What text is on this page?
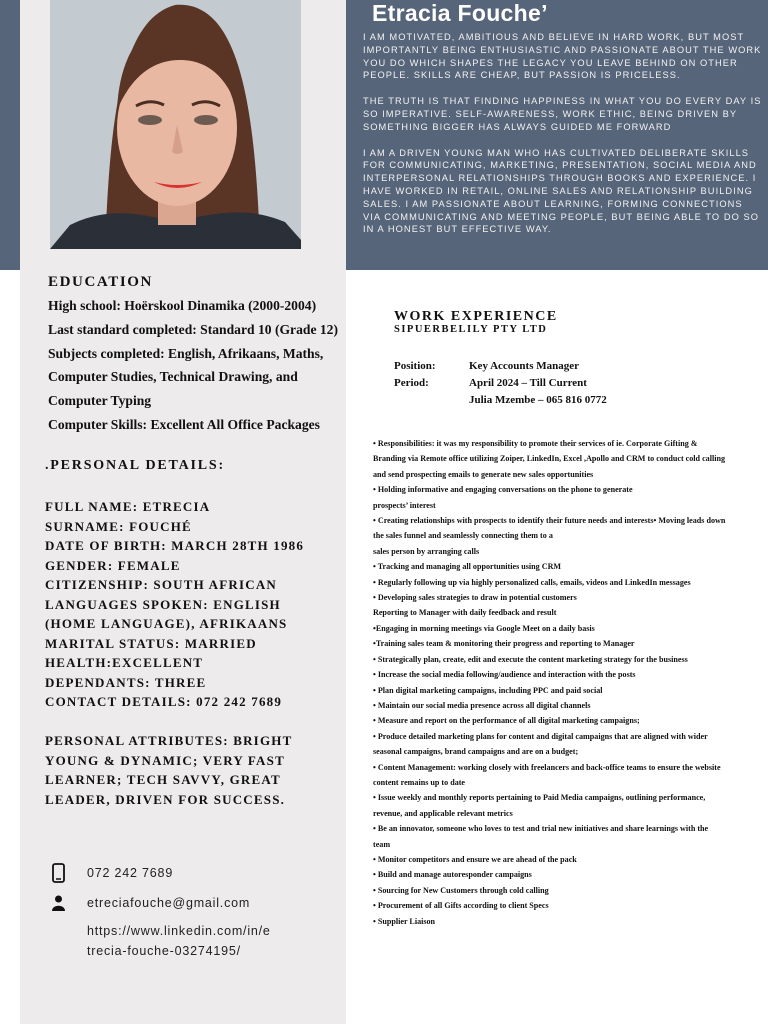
Etracia Fouche’

I AM MOTIVATED, AMBITIOUS AND BELIEVE IN HARD WORK, BUT MOST IMPORTANTLY BEING ENTHUSIASTIC AND PASSIONATE ABOUT THE WORK YOU DO WHICH SHAPES THE LEGACY YOU LEAVE BEHIND ON OTHER PEOPLE. SKILLS ARE CHEAP, BUT PASSION IS PRICELESS.

THE TRUTH IS THAT FINDING HAPPINESS IN WHAT YOU DO EVERY DAY IS SO IMPERATIVE. SELF-AWARENESS, WORK ETHIC, BEING DRIVEN BY SOMETHING BIGGER HAS ALWAYS GUIDED ME FORWARD

I AM A DRIVEN YOUNG MAN WHO HAS CULTIVATED DELIBERATE SKILLS FOR COMMUNICATING, MARKETING, PRESENTATION, SOCIAL MEDIA AND INTERPERSONAL RELATIONSHIPS THROUGH BOOKS AND EXPERIENCE. I HAVE WORKED IN RETAIL, ONLINE SALES AND RELATIONSHIP BUILDING SALES. I AM PASSIONATE ABOUT LEARNING, FORMING CONNECTIONS VIA COMMUNICATING AND MEETING PEOPLE, BUT BEING ABLE TO DO SO IN A HONEST BUT EFFECTIVE WAY.

EDUCATION
High school: Hoërskool Dinamika (2000-2004)
Last standard completed: Standard 10 (Grade 12)
Subjects completed: English, Afrikaans, Maths,
Computer Studies, Technical Drawing, and
Computer Typing
Computer Skills: Excellent All Office Packages
.PERSONAL DETAILS:
FULL NAME: ETRECIA
SURNAME: FOUCHÉ
DATE OF BIRTH: MARCH 28TH 1986
GENDER: FEMALE
CITIZENSHIP: SOUTH AFRICAN
LANGUAGES SPOKEN: ENGLISH
(HOME LANGUAGE), AFRIKAANS
MARITAL STATUS: MARRIED
HEALTH:EXCELLENT
DEPENDANTS: THREE
CONTACT DETAILS: 072 242 7689
PERSONAL ATTRIBUTES: BRIGHT
YOUNG & DYNAMIC; VERY FAST
LEARNER; TECH SAVVY, GREAT
LEADER, DRIVEN FOR SUCCESS.
072 242 7689
etreciafouche@gmail.com
https://www.linkedin.com/in/e
trecia-fouche-03274195/
WORK EXPERIENCE
SIPUERBELILY PTY LTD
Position:	Key Accounts Manager
Period:	April 2024 – Till Current
Julia Mzembe – 065 816 0772
• Responsibilities: it was my responsibility to promote their services of ie. Corporate Gifting &
Branding via Remote office utilizing Zoiper, LinkedIn, Excel ,Apollo and CRM to conduct cold calling
and send prospecting emails to generate new sales opportunities
• Holding informative and engaging conversations on the phone to generate
prospects’ interest
• Creating relationships with prospects to identify their future needs and interests• Moving leads down
the sales funnel and seamlessly connecting them to a
sales person by arranging calls
• Tracking and managing all opportunities using CRM
• Regularly following up via highly personalized calls, emails, videos and LinkedIn messages
• Developing sales strategies to draw in potential customers
Reporting to Manager with daily feedback and result
•Engaging in morning meetings via Google Meet on a daily basis
•Training sales team & monitoring their progress and reporting to Manager
• Strategically plan, create, edit and execute the content marketing strategy for the business
• Increase the social media following/audience and interaction with the posts
• Plan digital marketing campaigns, including PPC and paid social
• Maintain our social media presence across all digital channels
• Measure and report on the performance of all digital marketing campaigns;
• Produce detailed marketing plans for content and digital campaigns that are aligned with wider
seasonal campaigns, brand campaigns and are on a budget;
• Content Management: working closely with freelancers and back-office teams to ensure the website
content remains up to date
• Issue weekly and monthly reports pertaining to Paid Media campaigns, outlining performance,
revenue, and applicable relevant metrics
• Be an innovator, someone who loves to test and trial new initiatives and share learnings with the
team
• Monitor competitors and ensure we are ahead of the pack
• Build and manage autoresponder campaigns
• Sourcing for New Customers through cold calling
• Procurement of all Gifts according to client Specs
• Supplier Liaison
